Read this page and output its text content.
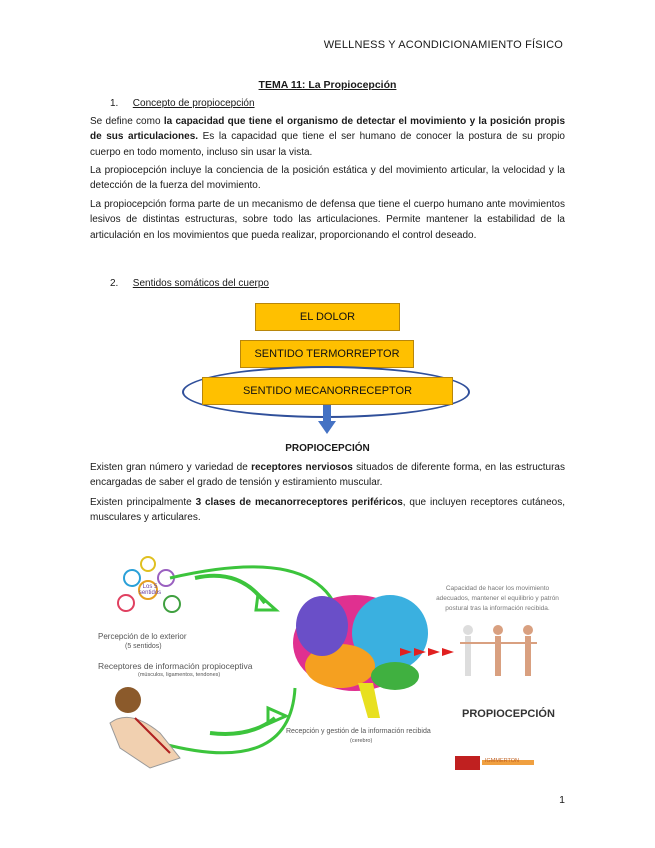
WELLNESS Y ACONDICIONAMIENTO FÍSICO
TEMA 11: La Propiocepción
1. Concepto de propiocepción
Se define como la capacidad que tiene el organismo de detectar el movimiento y la posición propis de sus articulaciones. Es la capacidad que tiene el ser humano de conocer la postura de su propio cuerpo en todo momento, incluso sin usar la vista.
La propiocepción incluye la conciencia de la posición estática y del movimiento articular, la velocidad y la detección de la fuerza del movimiento.
La propiocepción forma parte de un mecanismo de defensa que tiene el cuerpo humano ante movimientos lesivos de distintas estructuras, sobre todo las articulaciones. Permite mantener la estabilidad de la articulación en los movimientos que pueda realizar, proporcionando el control deseado.
2. Sentidos somáticos del cuerpo
EL DOLOR
SENTIDO TERMORREPTOR
SENTIDO MECANORRECEPTOR
PROPIOCEPCIÓN
Existen gran número y variedad de receptores nerviosos situados de diferente forma, en las estructuras encargadas de saber el grado de tensión y estiramiento muscular.
Existen principalmente 3 clases de mecanorreceptores periféricos, que incluyen receptores cutáneos, musculares y articulares.
Los 5 sentidos
Percepción de lo exterior
(5 sentidos)
Receptores de información propioceptiva
(músculos, ligamentos, tendones)
Recepción y gestión de la información recibida
(cerebro)
Capacidad de hacer los movimiento adecuados, mantener el equilibrio y patrón postural tras la información recibida.
PROPIOCEPCIÓN
IGMMERTON
1
